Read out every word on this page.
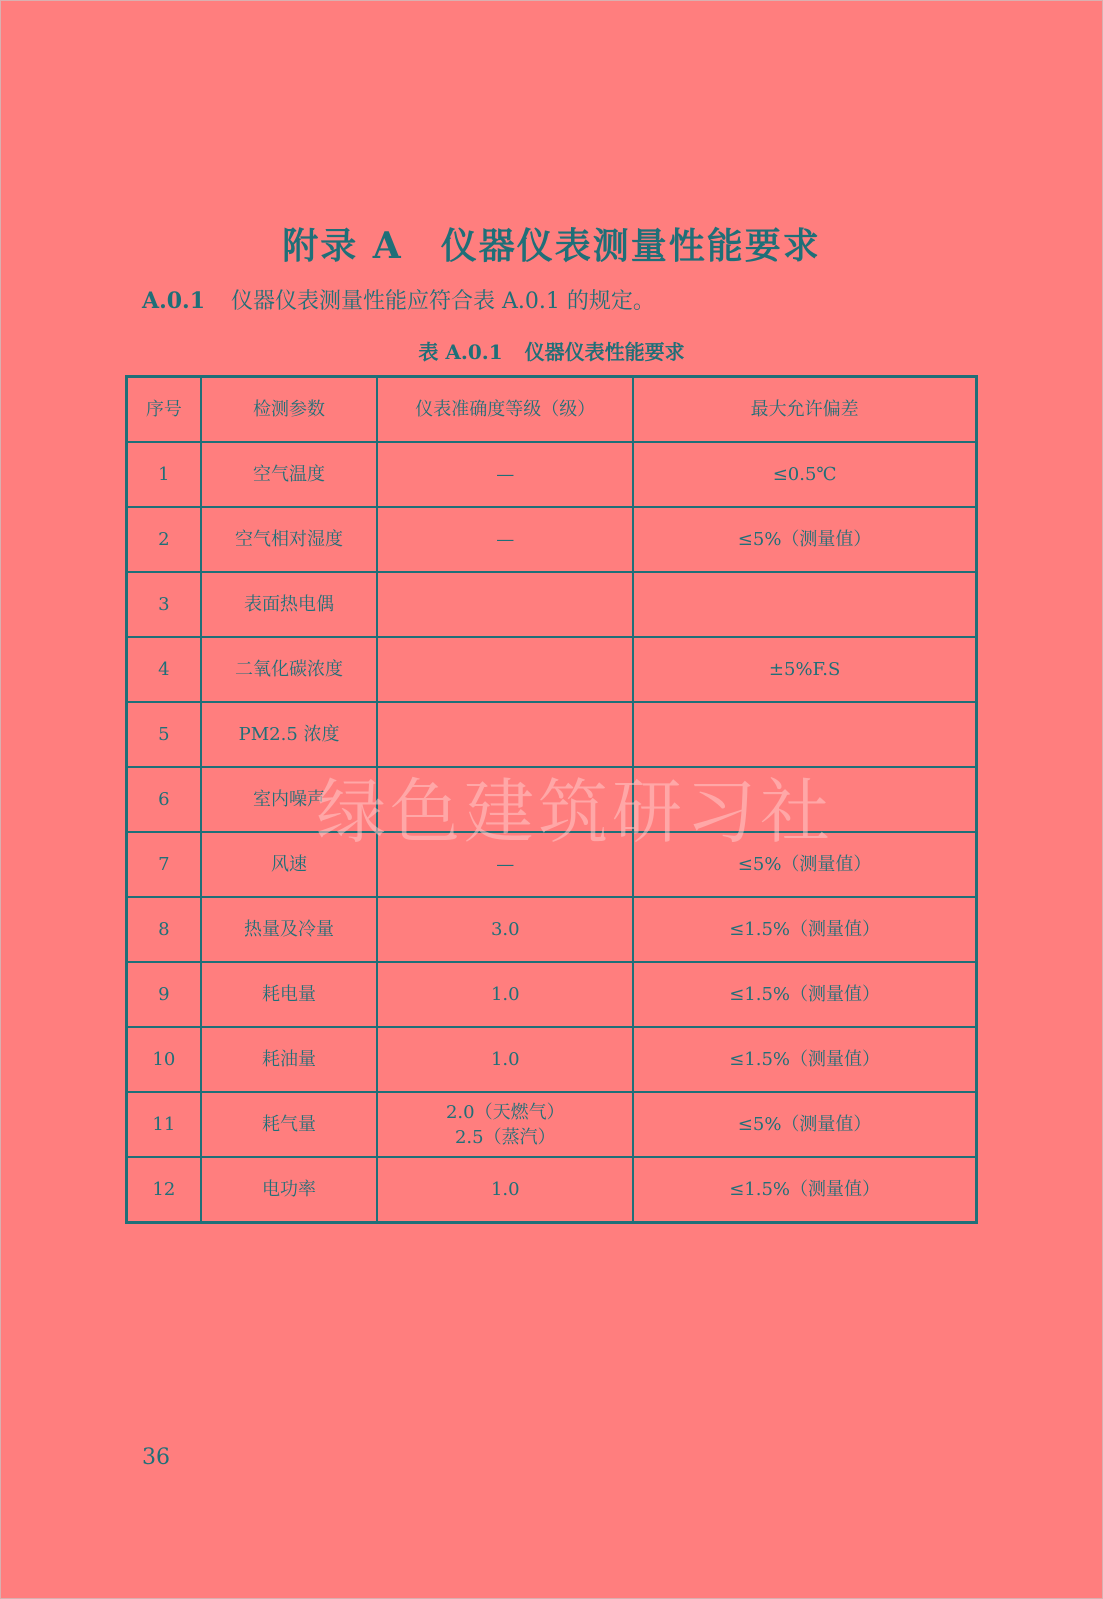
附录 A　仪器仪表测量性能要求
A.0.1 仪器仪表测量性能应符合表 A.0.1 的规定。
表 A.0.1 仪器仪表性能要求
序号	检测参数	仪表准确度等级（级）	最大允许偏差
1	空气温度	—	≤0.5℃
2	空气相对湿度	—	≤5%（测量值）
3	表面热电偶		
4	二氧化碳浓度		±5%F.S
5	PM2.5 浓度		
6	室内噪声		
7	风速	—	≤5%（测量值）
8	热量及冷量	3.0	≤1.5%（测量值）
9	耗电量	1.0	≤1.5%（测量值）
10	耗油量	1.0	≤1.5%（测量值）
11	耗气量	2.0（天燃气）
2.5（蒸汽）	≤5%（测量值）
12	电功率	1.0	≤1.5%（测量值）
绿色建筑研习社
36
